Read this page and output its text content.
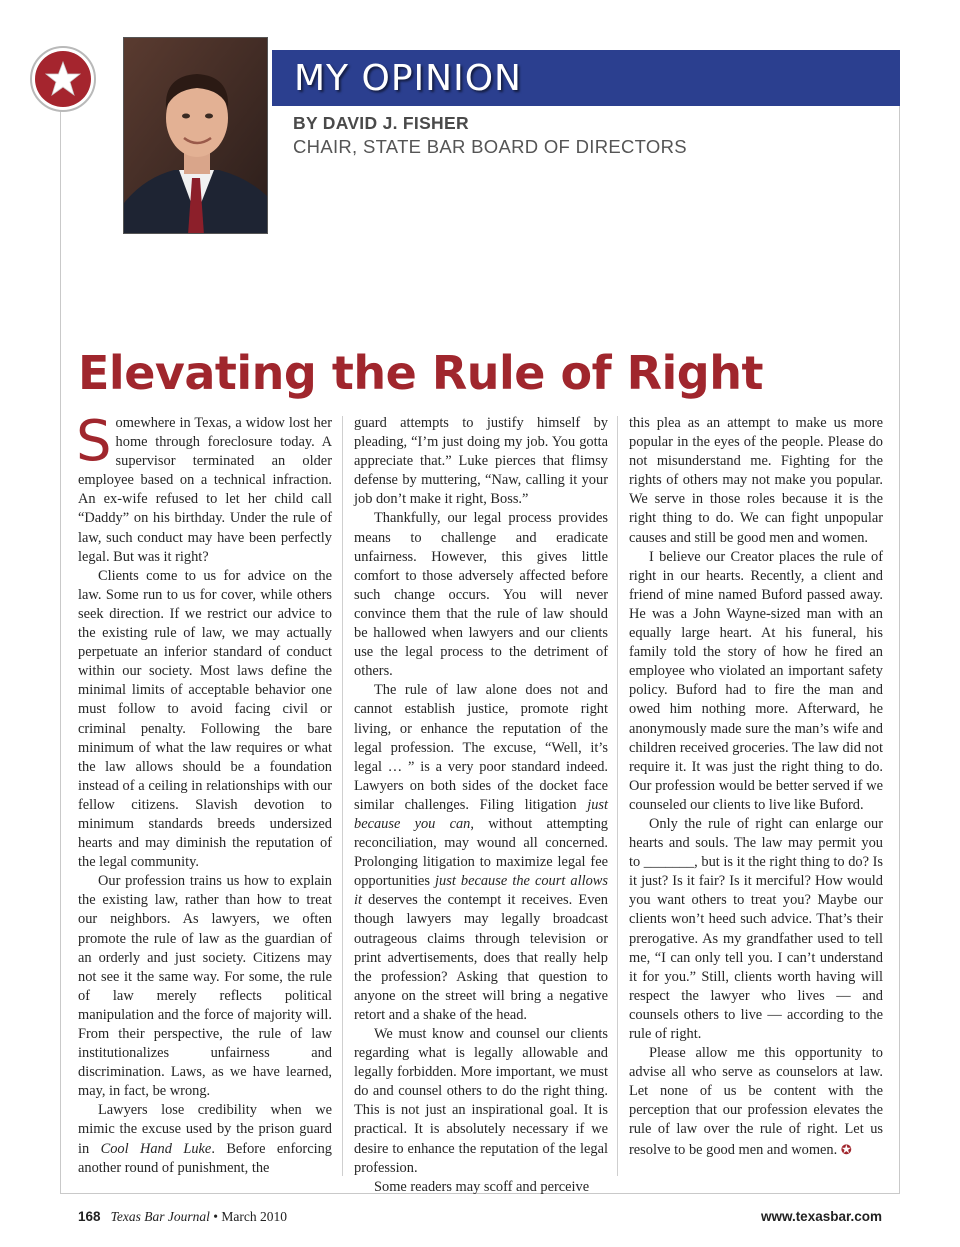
MY OPINION
BY DAVID J. FISHER
CHAIR, STATE BAR BOARD OF DIRECTORS
Elevating the Rule of Right

Somewhere in Texas, a widow lost her home through foreclosure today. A supervisor terminated an older employee based on a technical infraction. An ex-wife refused to let her child call “Daddy” on his birthday. Under the rule of law, such conduct may have been perfectly legal. But was it right?

Clients come to us for advice on the law. Some run to us for cover, while others seek direction. If we restrict our advice to the existing rule of law, we may actually perpetuate an inferior standard of conduct within our society. Most laws define the minimal limits of acceptable behavior one must follow to avoid facing civil or criminal penalty. Following the bare minimum of what the law requires or what the law allows should be a foundation instead of a ceiling in relationships with our fellow citizens. Slavish devotion to minimum standards breeds undersized hearts and may diminish the reputation of the legal community.

Our profession trains us how to explain the existing law, rather than how to treat our neighbors. As lawyers, we often promote the rule of law as the guardian of an orderly and just society. Citizens may not see it the same way. For some, the rule of law merely reflects political manipulation and the force of majority will. From their perspective, the rule of law institutionalizes unfairness and discrimination. Laws, as we have learned, may, in fact, be wrong.

Lawyers lose credibility when we mimic the excuse used by the prison guard in Cool Hand Luke. Before enforcing another round of punishment, the

guard attempts to justify himself by pleading, “I’m just doing my job. You gotta appreciate that.” Luke pierces that flimsy defense by muttering, “Naw, calling it your job don’t make it right, Boss.”

Thankfully, our legal process provides means to challenge and eradicate unfairness. However, this gives little comfort to those adversely affected before such change occurs. You will never convince them that the rule of law should be hallowed when lawyers and our clients use the legal process to the detriment of others.

The rule of law alone does not and cannot establish justice, promote right living, or enhance the reputation of the legal profession. The excuse, “Well, it’s legal … ” is a very poor standard indeed. Lawyers on both sides of the docket face similar challenges. Filing litigation just because you can, without attempting reconciliation, may wound all concerned. Prolonging litigation to maximize legal fee opportunities just because the court allows it deserves the contempt it receives. Even though lawyers may legally broadcast outrageous claims through television or print advertisements, does that really help the profession? Asking that question to anyone on the street will bring a negative retort and a shake of the head.

We must know and counsel our clients regarding what is legally allowable and legally forbidden. More important, we must do and counsel others to do the right thing. This is not just an inspirational goal. It is practical. It is absolutely necessary if we desire to enhance the reputation of the legal profession.

Some readers may scoff and perceive

this plea as an attempt to make us more popular in the eyes of the people. Please do not misunderstand me. Fighting for the rights of others may not make you popular. We serve in those roles because it is the right thing to do. We can fight unpopular causes and still be good men and women.

I believe our Creator places the rule of right in our hearts. Recently, a client and friend of mine named Buford passed away. He was a John Wayne-sized man with an equally large heart. At his funeral, his family told the story of how he fired an employee who violated an important safety policy. Buford had to fire the man and owed him nothing more. Afterward, he anonymously made sure the man’s wife and children received groceries. The law did not require it. It was just the right thing to do. Our profession would be better served if we counseled our clients to live like Buford.

Only the rule of right can enlarge our hearts and souls. The law may permit you to _______, but is it the right thing to do? Is it just? Is it fair? Is it merciful? How would you want others to treat you? Maybe our clients won’t heed such advice. That’s their prerogative. As my grandfather used to tell me, “I can only tell you. I can’t understand it for you.” Still, clients worth having will respect the lawyer who lives — and counsels others to live — according to the rule of right.

Please allow me this opportunity to advise all who serve as counselors at law. Let none of us be content with the perception that our profession elevates the rule of law over the rule of right. Let us resolve to be good men and women. ✪

168 Texas Bar Journal • March 2010	www.texasbar.com
